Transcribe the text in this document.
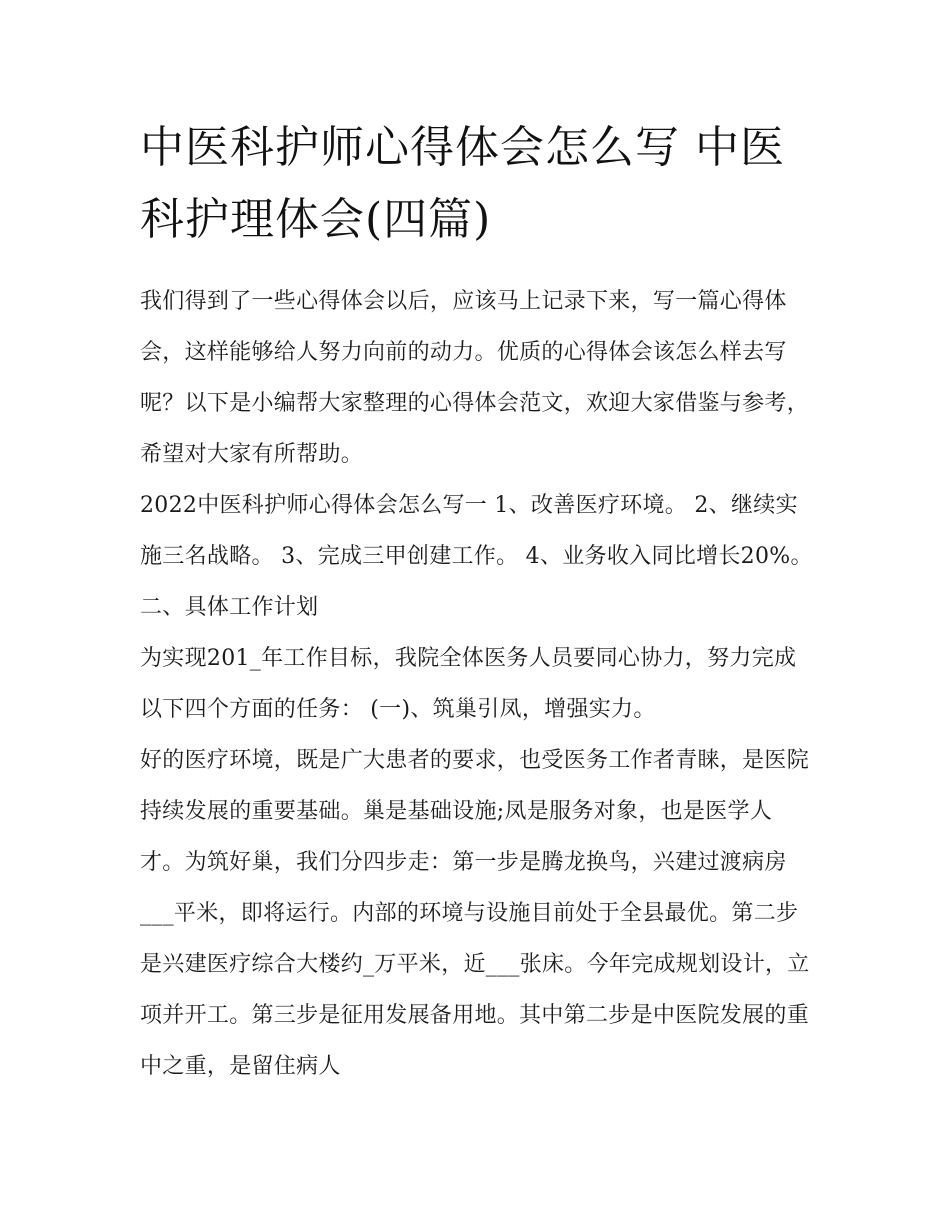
中医科护师心得体会怎么写 中医科护理体会(四篇)

我们得到了一些心得体会以后，应该马上记录下来，写一篇心得体会，这样能够给人努力向前的动力。优质的心得体会该怎么样去写呢？以下是小编帮大家整理的心得体会范文，欢迎大家借鉴与参考，希望对大家有所帮助。

2022中医科护师心得体会怎么写一 1、改善医疗环境。 2、继续实施三名战略。 3、完成三甲创建工作。 4、业务收入同比增长20%。 二、具体工作计划

为实现201_年工作目标，我院全体医务人员要同心协力，努力完成以下四个方面的任务： (一)、筑巢引凤，增强实力。

好的医疗环境，既是广大患者的要求，也受医务工作者青睐，是医院持续发展的重要基础。巢是基础设施;凤是服务对象，也是医学人才。为筑好巢，我们分四步走：第一步是腾龙换鸟，兴建过渡病房___平米，即将运行。内部的环境与设施目前处于全县最优。第二步是兴建医疗综合大楼约_万平米，近___张床。今年完成规划设计，立项并开工。第三步是征用发展备用地。其中第二步是中医院发展的重中之重，是留住病人
